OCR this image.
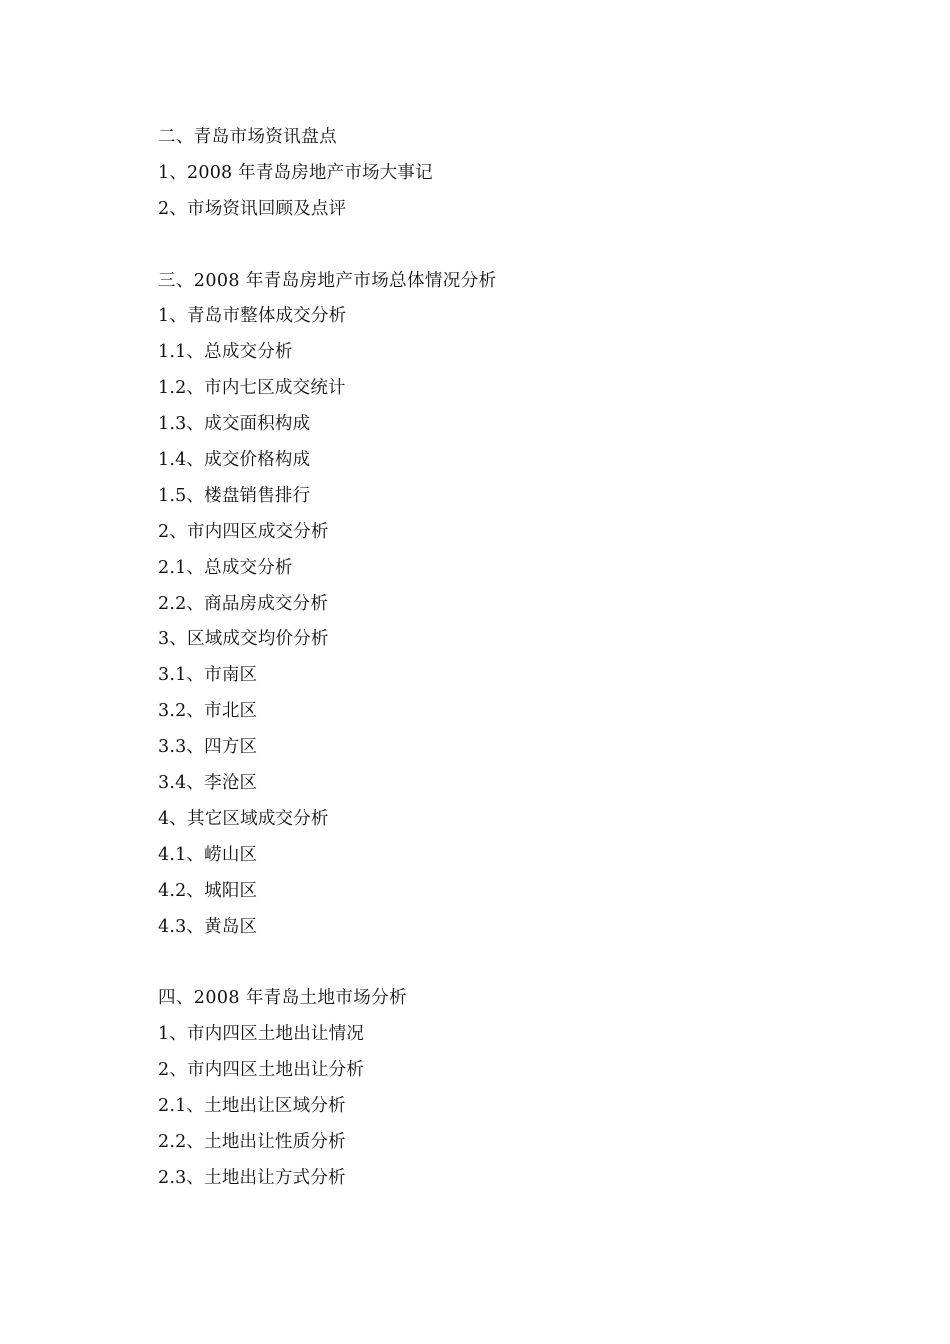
二、青岛市场资讯盘点
1、2008 年青岛房地产市场大事记
2、市场资讯回顾及点评
三、2008 年青岛房地产市场总体情况分析
1、青岛市整体成交分析
1.1、总成交分析
1.2、市内七区成交统计
1.3、成交面积构成
1.4、成交价格构成
1.5、楼盘销售排行
2、市内四区成交分析
2.1、总成交分析
2.2、商品房成交分析
3、区域成交均价分析
3.1、市南区
3.2、市北区
3.3、四方区
3.4、李沧区
4、其它区域成交分析
4.1、崂山区
4.2、城阳区
4.3、黄岛区
四、2008 年青岛土地市场分析
1、市内四区土地出让情况
2、市内四区土地出让分析
2.1、土地出让区域分析
2.2、土地出让性质分析
2.3、土地出让方式分析
